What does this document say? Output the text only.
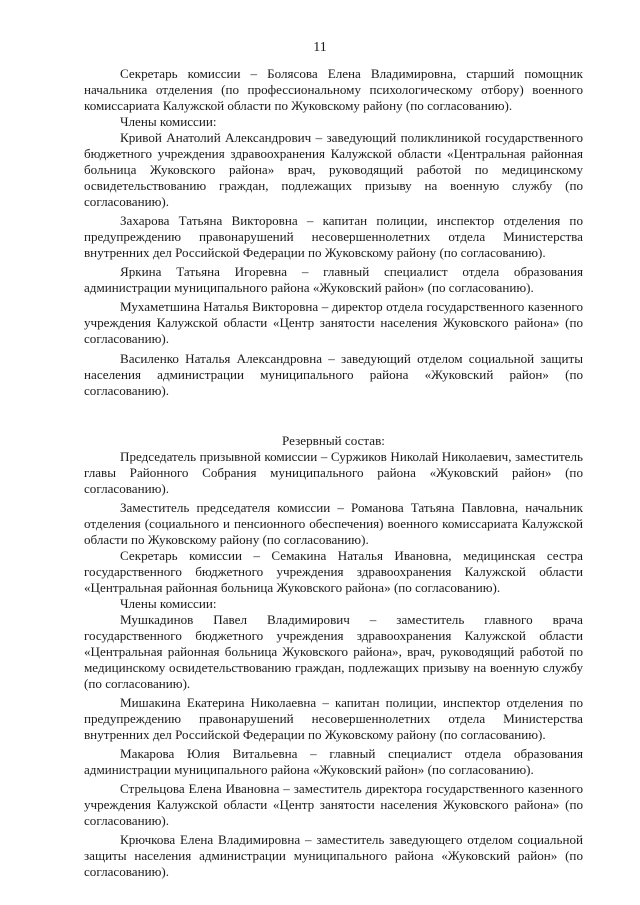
11

Секретарь комиссии – Болясова Елена Владимировна, старший помощник начальника отделения (по профессиональному психологическому отбору) военного комиссариата Калужской области по Жуковскому району (по согласованию).

Члены комиссии:

Кривой Анатолий Александрович – заведующий поликлиникой государственного бюджетного учреждения здравоохранения Калужской области «Центральная районная больница Жуковского района» врач, руководящий работой по медицинскому освидетельствованию граждан, подлежащих призыву на военную службу (по согласованию).

Захарова Татьяна Викторовна – капитан полиции, инспектор отделения по предупреждению правонарушений несовершеннолетних отдела Министерства внутренних дел Российской Федерации по Жуковскому району (по согласованию).

Яркина Татьяна Игоревна – главный специалист отдела образования администрации муниципального района «Жуковский район» (по согласованию).

Мухаметшина Наталья Викторовна – директор отдела государственного казенного учреждения Калужской области «Центр занятости населения Жуковского района» (по согласованию).

Василенко Наталья Александровна – заведующий отделом социальной защиты населения администрации муниципального района «Жуковский район» (по согласованию).

Резервный состав:

Председатель призывной комиссии – Суржиков Николай Николаевич, заместитель главы Районного Собрания муниципального района «Жуковский район» (по согласованию).

Заместитель председателя комиссии – Романова Татьяна Павловна, начальник отделения (социального и пенсионного обеспечения) военного комиссариата Калужской области по Жуковскому району (по согласованию).

Секретарь комиссии – Семакина Наталья Ивановна, медицинская сестра государственного бюджетного учреждения здравоохранения Калужской области «Центральная районная больница Жуковского района» (по согласованию).

Члены комиссии:

Мушкадинов Павел Владимирович – заместитель главного врача государственного бюджетного учреждения здравоохранения Калужской области «Центральная районная больница Жуковского района», врач, руководящий работой по медицинскому освидетельствованию граждан, подлежащих призыву на военную службу (по согласованию).

Мишакина Екатерина Николаевна – капитан полиции, инспектор отделения по предупреждению правонарушений несовершеннолетних отдела Министерства внутренних дел Российской Федерации по Жуковскому району (по согласованию).

Макарова Юлия Витальевна – главный специалист отдела образования администрации муниципального района «Жуковский район» (по согласованию).

Стрельцова Елена Ивановна – заместитель директора государственного казенного учреждения Калужской области «Центр занятости населения Жуковского района» (по согласованию).

Крючкова Елена Владимировна – заместитель заведующего отделом социальной защиты населения администрации муниципального района «Жуковский район» (по согласованию).
